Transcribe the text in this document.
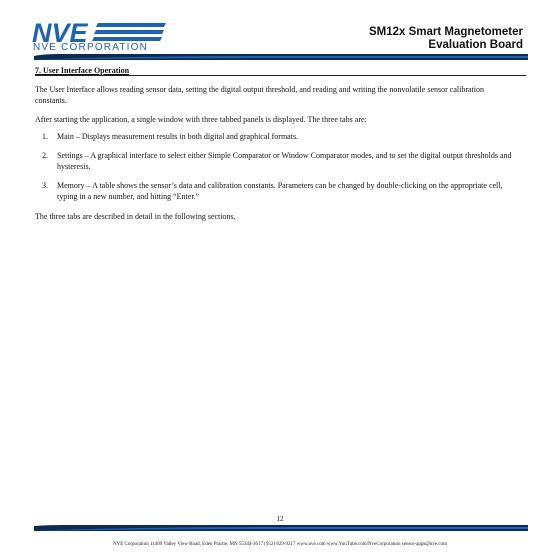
NVE
NVE CORPORATION
SM12x Smart Magnetometer
Evaluation Board
7. User Interface Operation
The User Interface allows reading sensor data, setting the digital output threshold, and reading and writing the nonvolatile sensor calibration constants.
After starting the application, a single window with three tabbed panels is displayed. The three tabs are:
1. Main – Displays measurement results in both digital and graphical formats.
2. Settings – A graphical interface to select either Simple Comparator or Window Comparator modes, and to set the digital output thresholds and hysteresis.
3. Memory – A table shows the sensor’s data and calibration constants. Parameters can be changed by double-clicking on the appropriate cell, typing in a new number, and hitting “Enter.”
The three tabs are described in detail in the following sections.
12
NVE Corporation 11409 Valley View Road, Eden Prairie, MN 55344-3617 (952) 829-9217 www.nve.com www.YouTube.com/NveCorporation sensor-apps@nve.com
